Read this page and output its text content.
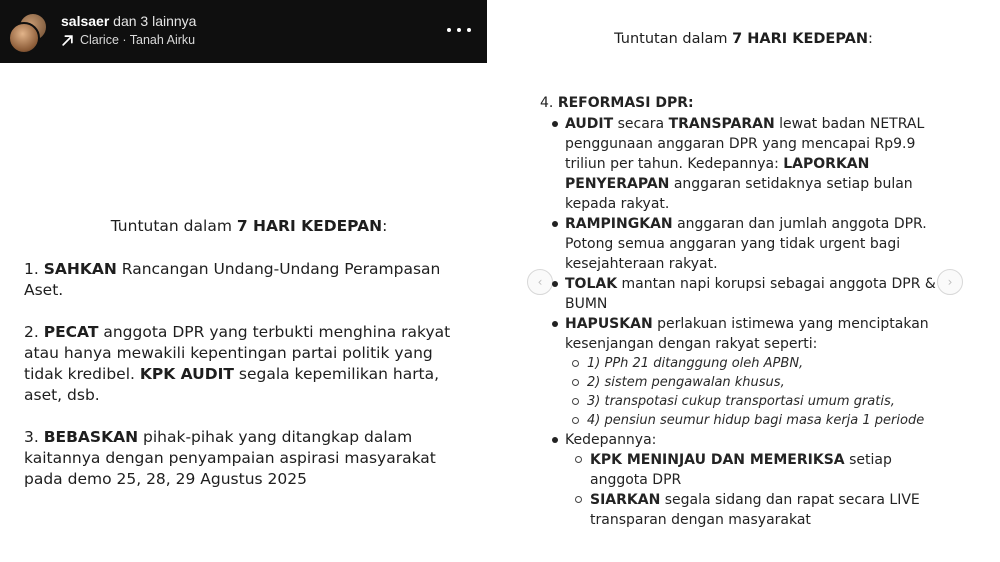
salsaer dan 3 lainnya
Clarice · Tanah Airku
Tuntutan dalam 7 HARI KEDEPAN:

1. SAHKAN Rancangan Undang-Undang Perampasan Aset.

2. PECAT anggota DPR yang terbukti menghina rakyat atau hanya mewakili kepentingan partai politik yang tidak kredibel. KPK AUDIT segala kepemilikan harta, aset, dsb.

3. BEBASKAN pihak-pihak yang ditangkap dalam kaitannya dengan penyampaian aspirasi masyarakat pada demo 25, 28, 29 Agustus 2025

Tuntutan dalam 7 HARI KEDEPAN:
‹	›
4. REFORMASI DPR:
AUDIT secara TRANSPARAN lewat badan NETRAL penggunaan anggaran DPR yang mencapai Rp9.9 triliun per tahun. Kedepannya: LAPORKAN PENYERAPAN anggaran setidaknya setiap bulan kepada rakyat.
RAMPINGKAN anggaran dan jumlah anggota DPR. Potong semua anggaran yang tidak urgent bagi kesejahteraan rakyat.
TOLAK mantan napi korupsi sebagai anggota DPR & BUMN
HAPUSKAN perlakuan istimewa yang menciptakan kesenjangan dengan rakyat seperti:
1) PPh 21 ditanggung oleh APBN,
2) sistem pengawalan khusus,
3) transpotasi cukup transportasi umum gratis,
4) pensiun seumur hidup bagi masa kerja 1 periode
Kedepannya:
KPK MENINJAU DAN MEMERIKSA setiap anggota DPR
SIARKAN segala sidang dan rapat secara LIVE transparan dengan masyarakat
